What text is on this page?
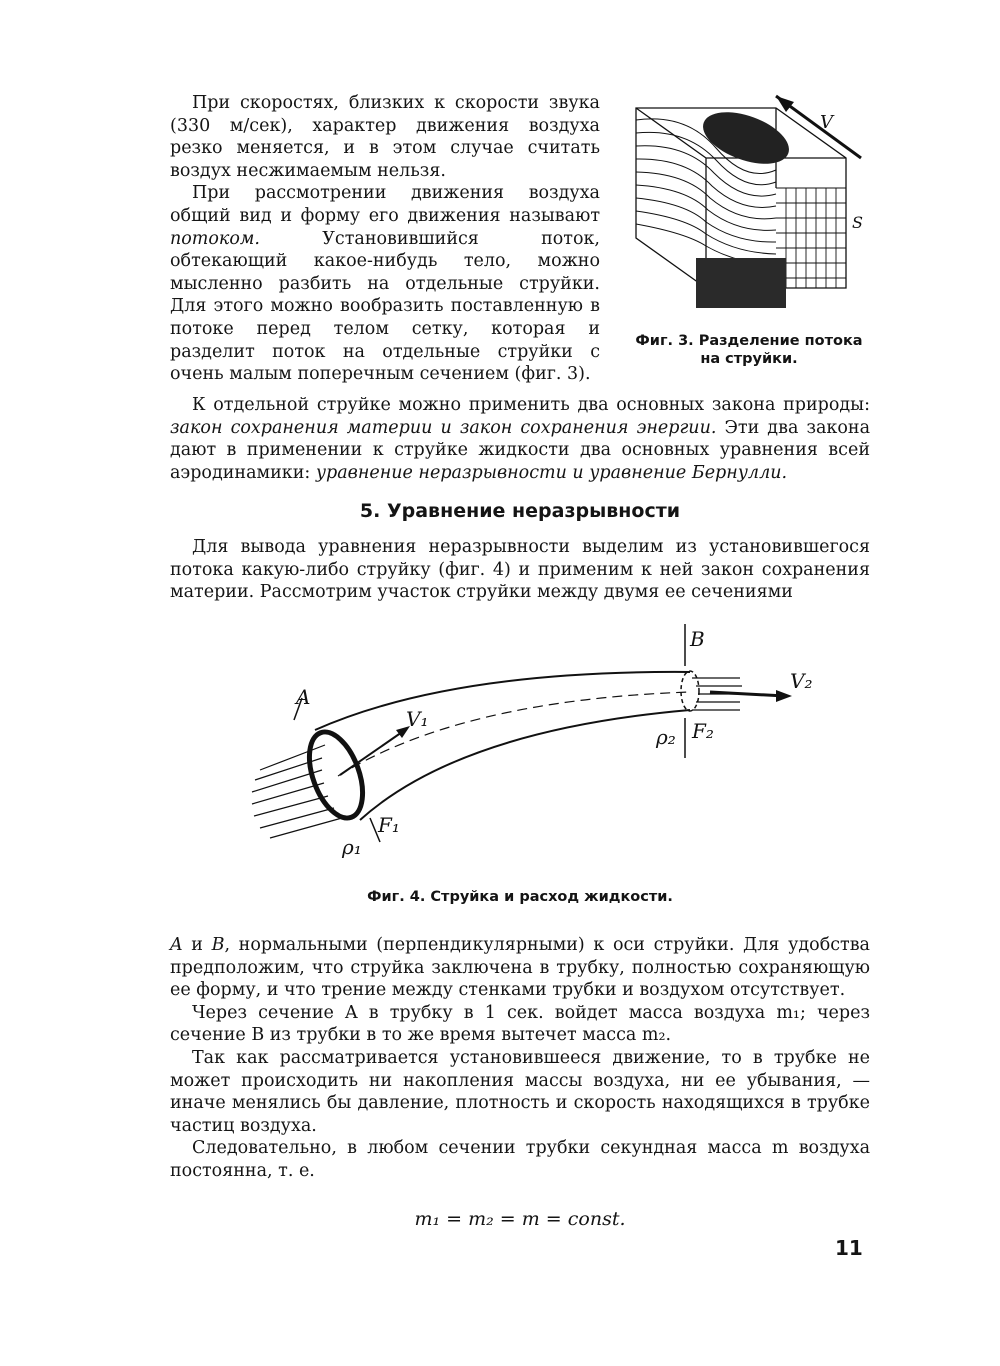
При скоростях, близких к скорости звука (330 м/сек), характер движения воздуха резко меняется, и в этом случае считать воздух несжимаемым нельзя.

При рассмотрении движения воздуха общий вид и форму его движения называют потоком. Установившийся поток, обтекающий какое-нибудь тело, можно мысленно разбить на отдельные струйки. Для этого можно вообразить поставленную в потоке перед телом сетку, которая и разделит поток на отдельные струйки с очень малым поперечным сечением (фиг. 3).

V
S
Фиг. 3. Разделение потока на струйки.

К отдельной струйке можно применить два основных закона природы: закон сохранения материи и закон сохранения энергии. Эти два закона дают в применении к струйке жидкости два основных уравнения всей аэродинамики: уравнение неразрывности и уравнение Бернулли.

5. Уравнение неразрывности

Для вывода уравнения неразрывности выделим из установившегося потока какую-либо струйку (фиг. 4) и применим к ней закон сохранения материи. Рассмотрим участок струйки между двумя ее сечениями

A
B
V₁
V₂
ρ₁
F₁
ρ₂ F₂
Фиг. 4. Струйка и расход жидкости.

A и B, нормальными (перпендикулярными) к оси струйки. Для удобства предположим, что струйка заключена в трубку, полностью сохраняющую ее форму, и что трение между стенками трубки и воздухом отсутствует.

Через сечение A в трубку в 1 сек. войдет масса воздуха m₁; через сечение B из трубки в то же время вытечет масса m₂.

Так как рассматривается установившееся движение, то в трубке не может происходить ни накопления массы воздуха, ни ее убывания, — иначе менялись бы давление, плотность и скорость находящихся в трубке частиц воздуха.

Следовательно, в любом сечении трубки секундная масса m воздуха постоянна, т. е.

m₁ = m₂ = m = const.
11
